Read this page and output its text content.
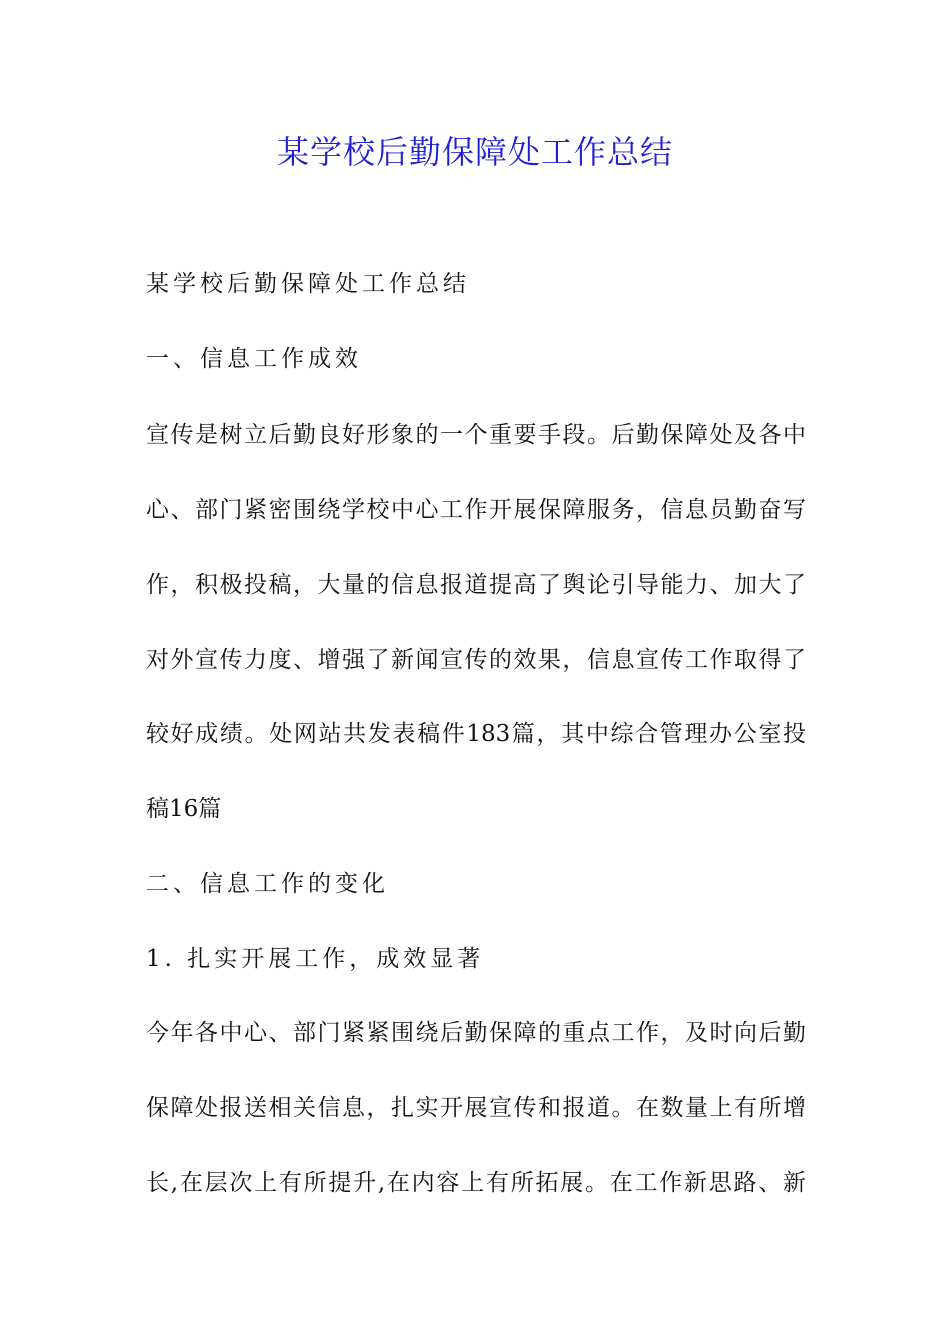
某学校后勤保障处工作总结
某学校后勤保障处工作总结
一、信息工作成效
宣传是树立后勤良好形象的一个重要手段。后勤保障处及各中
心、部门紧密围绕学校中心工作开展保障服务，信息员勤奋写
作，积极投稿，大量的信息报道提高了舆论引导能力、加大了
对外宣传力度、增强了新闻宣传的效果，信息宣传工作取得了
较好成绩。处网站共发表稿件183篇，其中综合管理办公室投
稿16篇
二、信息工作的变化
1. 扎实开展工作，成效显著
今年各中心、部门紧紧围绕后勤保障的重点工作，及时向后勤
保障处报送相关信息，扎实开展宣传和报道。在数量上有所增
长,在层次上有所提升,在内容上有所拓展。在工作新思路、新
